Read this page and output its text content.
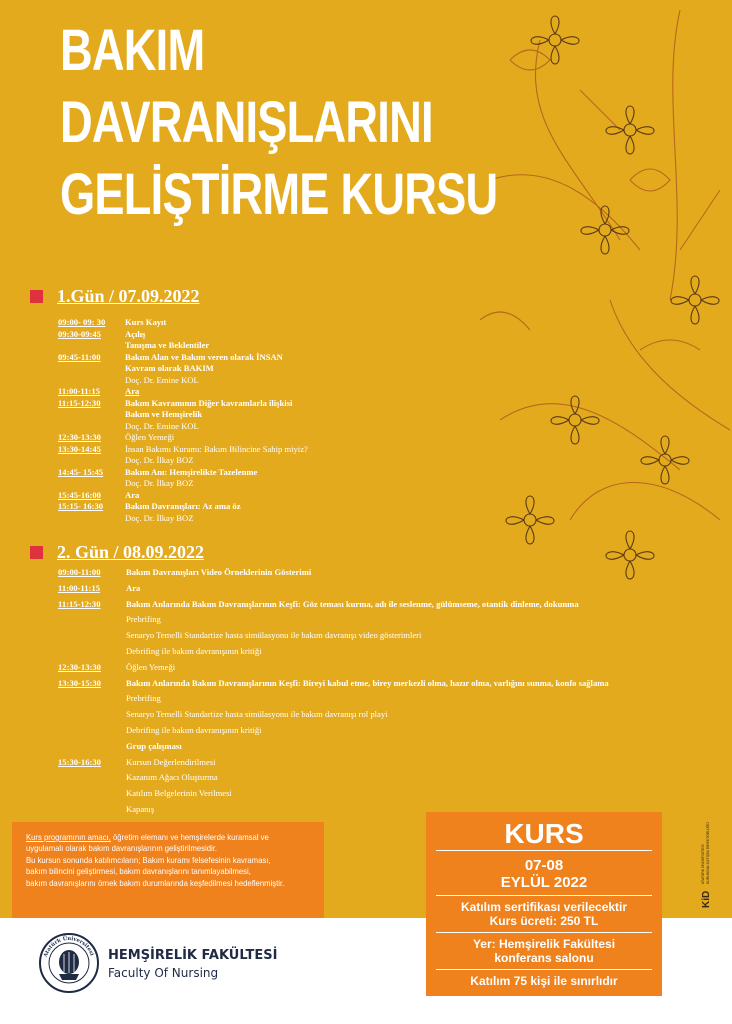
BAKIM
DAVRANIŞLARINI
GELİŞTİRME KURSU
1.Gün / 07.09.2022
09:00- 09: 30	Kurs Kayıt
09:30-09:45	Açılış
Tanışma ve Beklentiler
09:45-11:00	Bakım Alan ve Bakım veren olarak İNSAN
Kavram olarak BAKIM
Doç. Dr. Emine KOL
11:00-11:15	Ara
11:15-12:30	Bakım Kavramının Diğer kavramlarla ilişkisi
Bakım ve Hemşirelik
Doç. Dr. Emine KOL
12:30-13:30	Öğlen Yemeği
13:30-14:45	İnsan Bakımı Kuramı: Bakım Bilincine Sahip miyiz?
Doç. Dr. İlkay BOZ
14:45- 15:45	Bakım Anı: Hemşirelikte Tazelenme
Doç. Dr. İlkay BOZ
15:45-16:00	Ara
15:15- 16:30	Bakım Davranışları: Az ama öz
Doç. Dr. İlkay BOZ
2. Gün / 08.09.2022
09:00-11:00	Bakım Davranışları Video Örneklerinin Gösterimi
11:00-11:15	Ara
11:15-12:30	Bakım Anlarında Bakım Davranışlarının Keşfi: Göz teması kurma, adı ile seslenme, gülümseme, otantik dinleme, dokunma
Prebrifing
Senaryo Temelli Standartize hasta simülasyonu ile bakım davranışı video gösterimleri
Debrifing ile bakım davranışının kritiği
12:30-13:30	Öğlen Yemeği
13:30-15:30	Bakım Anlarında Bakım Davranışlarının Keşfi: Bireyi kabul etme, birey merkezli olma, hazır olma, varlığını sunma, konfo sağlama
Prebrifing
Senaryo Temelli Standartize hasta simülasyonu ile bakım davranışı rol playi
Debrifing ile bakım davranışının kritiği
Grup çalışması
15:30-16:30	Kursun Değerlendirilmesi
Kazanım Ağacı Oluşturma
Katılım Belgelerinin Verilmesi
Kapanış
Kurs programının amacı, öğretim elemanı ve hemşirelerde kuramsal ve
uygulamalı olarak bakım davranışlarının geliştirilmesidir.
Bu kursun sonunda katılımcıların; Bakım kuramı felsefesinin kavraması,
bakım bilincini geliştirmesi, bakım davranışlarını tanımlayabilmesi,
bakım davranışlarını örnek bakım durumlarında keşfedilmesi hedeflenmiştir.
KURS
07-08
EYLÜL 2022
Katılım sertifikası verilecektir
Kurs ücreti: 250 TL
Yer: Hemşirelik Fakültesi
konferans salonu
Katılım 75 kişi ile sınırlıdır
KiD
ATATÜRK ÜNİVERSİTESİ KURUMSAL İLETİŞİM DİREKTÖRLÜĞÜ
Atatürk Üniversitesi HEMŞİRELİK FAKÜLTESİ
Faculty Of Nursing
